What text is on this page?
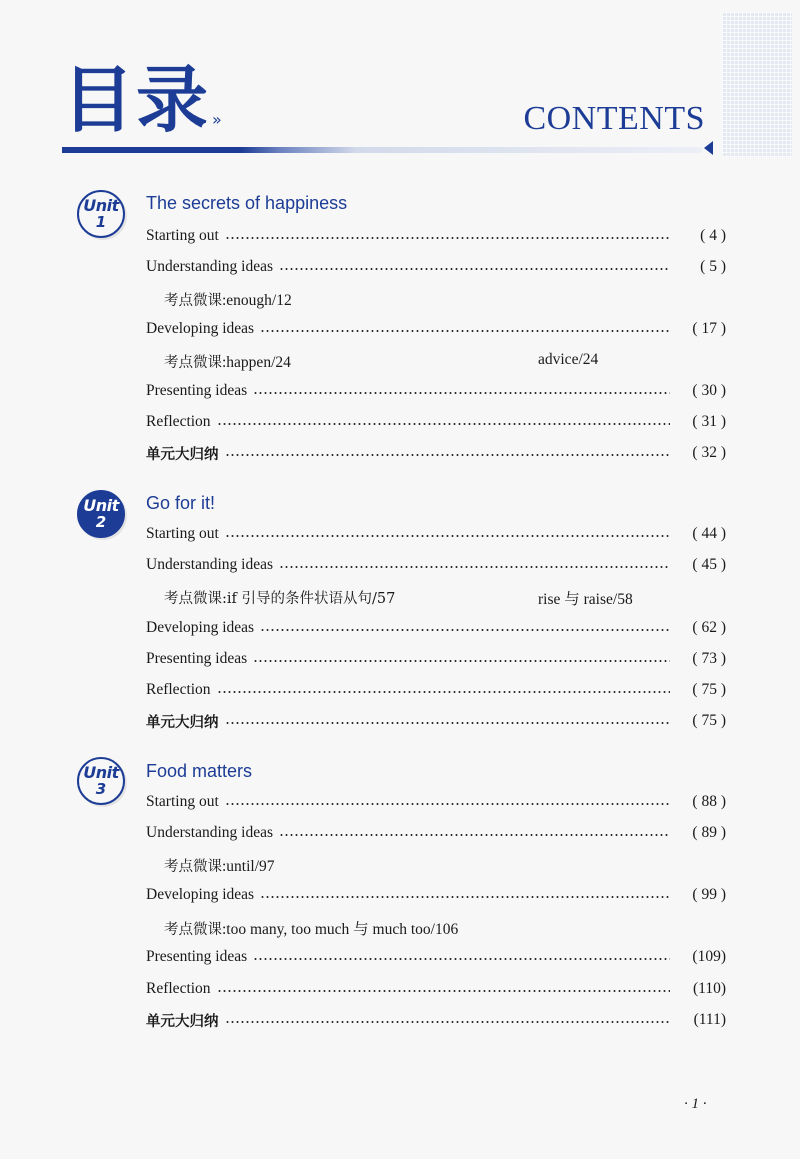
目录 »	CONTENTS
Unit
1
The secrets of happiness
Starting out	( 4 )
Understanding ideas	( 5 )
考点微课:enough/12
Developing ideas	( 17 )
考点微课:happen/24	advice/24
Presenting ideas	( 30 )
Reflection	( 31 )
单元大归纳	( 32 )
Unit
2
Go for it!
Starting out	( 44 )
Understanding ideas	( 45 )
考点微课:if 引导的条件状语从句/57	rise 与 raise/58
Developing ideas	( 62 )
Presenting ideas	( 73 )
Reflection	( 75 )
单元大归纳	( 75 )
Unit
3
Food matters
Starting out	( 88 )
Understanding ideas	( 89 )
考点微课:until/97
Developing ideas	( 99 )
考点微课:too many, too much 与 much too/106
Presenting ideas	(109)
Reflection	(110)
单元大归纳	(111)
· 1 ·
